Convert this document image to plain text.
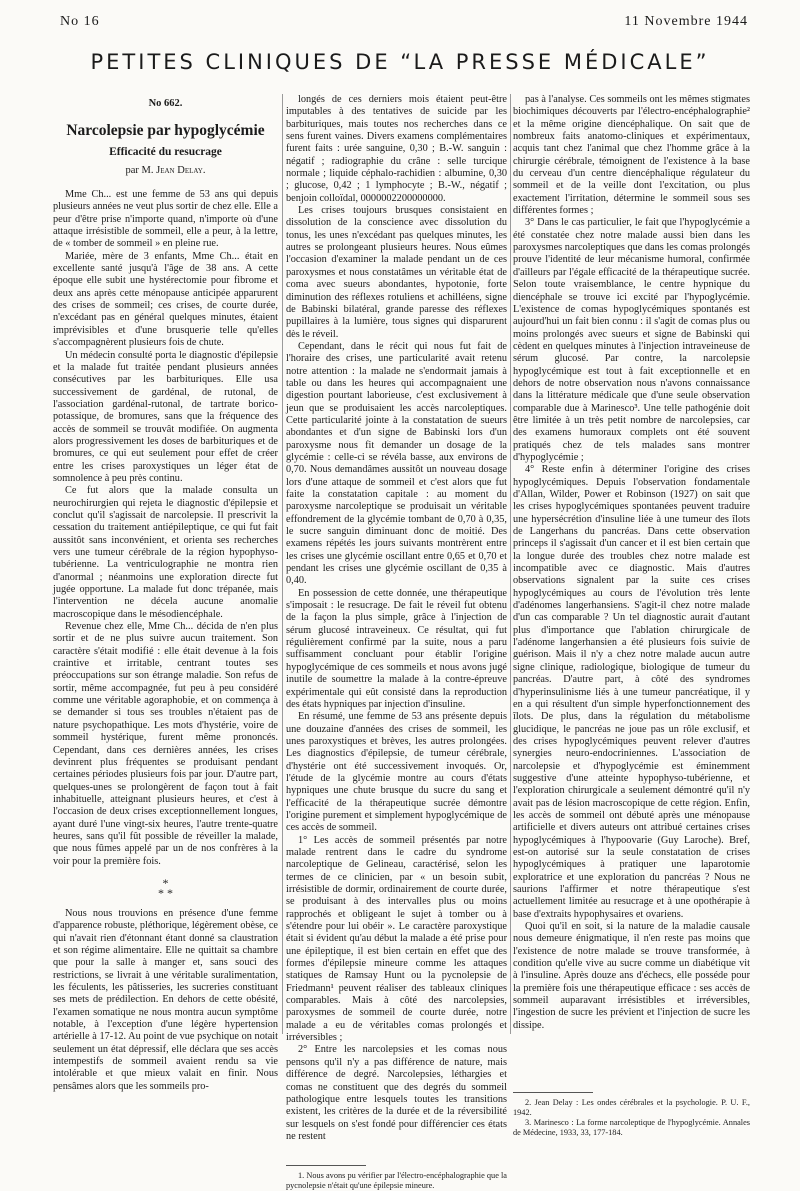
No 16	11 Novembre 1944
PETITES CLINIQUES DE “LA PRESSE MÉDICALE”
No 662.
Narcolepsie par hypoglycémie
Efficacité du resucrage
par M. Jean Delay.

Mme Ch... est une femme de 53 ans qui depuis plusieurs années ne veut plus sortir de chez elle. Elle a peur d'être prise n'importe quand, n'importe où d'une attaque irrésistible de sommeil, elle a peur, à la lettre, de « tomber de sommeil » en pleine rue.

Mariée, mère de 3 enfants, Mme Ch... était en excellente santé jusqu'à l'âge de 38 ans. A cette époque elle subit une hystérectomie pour fibrome et deux ans après cette ménopause anticipée apparurent des crises de sommeil; ces crises, de courte durée, n'excédant pas en général quelques minutes, étaient imprévisibles et d'une brusquerie telle qu'elles s'accompagnèrent plusieurs fois de chute.

Un médecin consulté porta le diagnostic d'épilepsie et la malade fut traitée pendant plusieurs années consécutives par les barbituriques. Elle usa successivement de gardénal, de rutonal, de l'association gardénal-rutonal, de tartrate borico-potassique, de bromures, sans que la fréquence des accès de sommeil se trouvât modifiée. On augmenta alors progressivement les doses de barbituriques et de bromures, ce qui eut seulement pour effet de créer entre les crises paroxystiques un léger état de somnolence à peu près continu.

Ce fut alors que la malade consulta un neurochirurgien qui rejeta le diagnostic d'épilepsie et conclut qu'il s'agissait de narcolepsie. Il prescrivit la cessation du traitement antiépileptique, ce qui fut fait aussitôt sans inconvénient, et orienta ses recherches vers une tumeur cérébrale de la région hypophyso-tubérienne. La ventriculographie ne montra rien d'anormal ; néanmoins une exploration directe fut jugée opportune. La malade fut donc trépanée, mais l'intervention ne décela aucune anomalie macroscopique dans le mésodiencéphale.

Revenue chez elle, Mme Ch... décida de n'en plus sortir et de ne plus suivre aucun traitement. Son caractère s'était modifié : elle était devenue à la fois craintive et irritable, centrant toutes ses préoccupations sur son étrange maladie. Son refus de sortir, même accompagnée, fut peu à peu considéré comme une véritable agoraphobie, et on commença à se demander si tous ses troubles n'étaient pas de nature psychopathique. Les mots d'hystérie, voire de sommeil hystérique, furent même prononcés. Cependant, dans ces dernières années, les crises devinrent plus fréquentes se produisant pendant certaines périodes plusieurs fois par jour. D'autre part, quelques-unes se prolongèrent de façon tout à fait inhabituelle, atteignant plusieurs heures, et c'est à l'occasion de deux crises exceptionnellement longues, ayant duré l'une vingt-six heures, l'autre trente-quatre heures, sans qu'il fût possible de réveiller la malade, que nous fûmes appelé par un de nos confrères à la voir pour la première fois.

*
* *

Nous nous trouvions en présence d'une femme d'apparence robuste, pléthorique, légèrement obèse, ce qui n'avait rien d'étonnant étant donné sa claustration et son régime alimentaire. Elle ne quittait sa chambre que pour la salle à manger et, sans souci des restrictions, se livrait à une véritable suralimentation, les féculents, les pâtisseries, les sucreries constituant ses mets de prédilection. En dehors de cette obésité, l'examen somatique ne nous montra aucun symptôme notable, à l'exception d'une légère hypertension artérielle à 17-12. Au point de vue psychique on notait seulement un état dépressif, elle déclara que ses accès intempestifs de sommeil avaient rendu sa vie intolérable et que mieux valait en finir. Nous pensâmes alors que les sommeils pro-

longés de ces derniers mois étaient peut-être imputables à des tentatives de suicide par les barbituriques, mais toutes nos recherches dans ce sens furent vaines. Divers examens complémentaires furent faits : urée sanguine, 0,30 ; B.-W. sanguin : négatif ; radiographie du crâne : selle turcique normale ; liquide céphalo-rachidien : albumine, 0,30 ; glucose, 0,42 ; 1 lymphocyte ; B.-W., négatif ; benjoin colloïdal, 0000002200000000.

Les crises toujours brusques consistaient en dissolution de la conscience avec dissolution du tonus, les unes n'excédant pas quelques minutes, les autres se prolongeant plusieurs heures. Nous eûmes l'occasion d'examiner la malade pendant un de ces paroxysmes et nous constatâmes un véritable état de coma avec sueurs abondantes, hypotonie, forte diminution des réflexes rotuliens et achilléens, signe de Babinski bilatéral, grande paresse des réflexes pupillaires à la lumière, tous signes qui disparurent dès le réveil.

Cependant, dans le récit qui nous fut fait de l'horaire des crises, une particularité avait retenu notre attention : la malade ne s'endormait jamais à table ou dans les heures qui accompagnaient une digestion pourtant laborieuse, c'est exclusivement à jeun que se produisaient les accès narcoleptiques. Cette particularité jointe à la constatation de sueurs abondantes et d'un signe de Babinski lors d'un paroxysme nous fit demander un dosage de la glycémie : celle-ci se révéla basse, aux environs de 0,70. Nous demandâmes aussitôt un nouveau dosage lors d'une attaque de sommeil et c'est alors que fut faite la constatation capitale : au moment du paroxysme narcoleptique se produisait un véritable effondrement de la glycémie tombant de 0,70 à 0,35, le sucre sanguin diminuant donc de moitié. Des examens répétés les jours suivants montrèrent entre les crises une glycémie oscillant entre 0,65 et 0,70 et pendant les crises une glycémie oscillant de 0,35 à 0,40.

En possession de cette donnée, une thérapeutique s'imposait : le resucrage. De fait le réveil fut obtenu de la façon la plus simple, grâce à l'injection de sérum glucosé intraveineux. Ce résultat, qui fut régulièrement confirmé par la suite, nous a paru suffisamment concluant pour établir l'origine hypoglycémique de ces sommeils et nous avons jugé inutile de soumettre la malade à la contre-épreuve expérimentale qui eût consisté dans la reproduction des états hypniques par injection d'insuline.

En résumé, une femme de 53 ans présente depuis une douzaine d'années des crises de sommeil, les unes paroxystiques et brèves, les autres prolongées. Les diagnostics d'épilepsie, de tumeur cérébrale, d'hystérie ont été successivement invoqués. Or, l'étude de la glycémie montre au cours d'états hypniques une chute brusque du sucre du sang et l'efficacité de la thérapeutique sucrée démontre l'origine purement et simplement hypoglycémique de ces accès de sommeil.

1° Les accès de sommeil présentés par notre malade rentrent dans le cadre du syndrome narcoleptique de Gelineau, caractérisé, selon les termes de ce clinicien, par « un besoin subit, irrésistible de dormir, ordinairement de courte durée, se produisant à des intervalles plus ou moins rapprochés et obligeant le sujet à tomber ou à s'étendre pour lui obéir ». Le caractère paroxystique était si évident qu'au début la malade a été prise pour une épileptique, il est bien certain en effet que des formes d'épilepsie mineure comme les attaques statiques de Ramsay Hunt ou la pycnolepsie de Friedmann¹ peuvent réaliser des tableaux cliniques comparables. Mais à côté des narcolepsies, paroxysmes de sommeil de courte durée, notre malade a eu de véritables comas prolongés et irréversibles ;

2° Entre les narcolepsies et les comas nous pensons qu'il n'y a pas différence de nature, mais différence de degré. Narcolepsies, léthargies et comas ne constituent que des degrés du sommeil pathologique entre lesquels toutes les transitions existent, les critères de la durée et de la réversibilité sur lesquels on s'est fondé pour différencier ces états ne restent

1. Nous avons pu vérifier par l'électro-encéphalographie que la pycnolepsie n'était qu'une épilepsie mineure.

pas à l'analyse. Ces sommeils ont les mêmes stigmates biochimiques découverts par l'électro-encéphalographie² et la même origine diencéphalique. On sait que de nombreux faits anatomo-cliniques et expérimentaux, acquis tant chez l'animal que chez l'homme grâce à la chirurgie cérébrale, témoignent de l'existence à la base du cerveau d'un centre diencéphalique régulateur du sommeil et de la veille dont l'excitation, ou plus exactement l'irritation, détermine le sommeil sous ses différentes formes ;

3° Dans le cas particulier, le fait que l'hypoglycémie a été constatée chez notre malade aussi bien dans les paroxysmes narcoleptiques que dans les comas prolongés prouve l'identité de leur mécanisme humoral, confirmée d'ailleurs par l'égale efficacité de la thérapeutique sucrée. Selon toute vraisemblance, le centre hypnique du diencéphale se trouve ici excité par l'hypoglycémie. L'existence de comas hypoglycémiques spontanés est aujourd'hui un fait bien connu : il s'agit de comas plus ou moins prolongés avec sueurs et signe de Babinski qui cèdent en quelques minutes à l'injection intraveineuse de sérum glucosé. Par contre, la narcolepsie hypoglycémique est tout à fait exceptionnelle et en dehors de notre observation nous n'avons connaissance dans la littérature médicale que d'une seule observation comparable due à Marinesco³. Une telle pathogénie doit être limitée à un très petit nombre de narcolepsies, car des examens humoraux complets ont été souvent pratiqués chez de tels malades sans montrer d'hypoglycémie ;

4° Reste enfin à déterminer l'origine des crises hypoglycémiques. Depuis l'observation fondamentale d'Allan, Wilder, Power et Robinson (1927) on sait que les crises hypoglycémiques spontanées peuvent traduire une hypersécrétion d'insuline liée à une tumeur des îlots de Langerhans du pancréas. Dans cette observation princeps il s'agissait d'un cancer et il est bien certain que la longue durée des troubles chez notre malade est incompatible avec ce diagnostic. Mais d'autres observations signalent par la suite ces crises hypoglycémiques au cours de l'évolution très lente d'adénomes langerhansiens. S'agit-il chez notre malade d'un cas comparable ? Un tel diagnostic aurait d'autant plus d'importance que l'ablation chirurgicale de l'adénome langerhansien a été plusieurs fois suivie de guérison. Mais il n'y a chez notre malade aucun autre signe clinique, radiologique, biologique de tumeur du pancréas. D'autre part, à côté des syndromes d'hyperinsulinisme liés à une tumeur pancréatique, il y en a qui résultent d'un simple hyperfonctionnement des îlots. De plus, dans la régulation du métabolisme glucidique, le pancréas ne joue pas un rôle exclusif, et des crises hypoglycémiques peuvent relever d'autres synergies neuro-endocriniennes. L'association de narcolepsie et d'hypoglycémie est éminemment suggestive d'une atteinte hypophyso-tubérienne, et l'exploration chirurgicale a seulement démontré qu'il n'y avait pas de lésion macroscopique de cette région. Enfin, les accès de sommeil ont débuté après une ménopause artificielle et divers auteurs ont attribué certaines crises hypoglycémiques à l'hypoovarie (Guy Laroche). Bref, est-on autorisé sur la seule constatation de crises hypoglycémiques à pratiquer une laparotomie exploratrice et une exploration du pancréas ? Nous ne saurions l'affirmer et notre thérapeutique s'est actuellement limitée au resucrage et à une opothérapie à base d'extraits hypophysaires et ovariens.

Quoi qu'il en soit, si la nature de la maladie causale nous demeure énigmatique, il n'en reste pas moins que l'existence de notre malade se trouve transformée, à condition qu'elle vive au sucre comme un diabétique vit à l'insuline. Après douze ans d'échecs, elle posséde pour la première fois une thérapeutique efficace : ses accès de sommeil auparavant irrésistibles et irréversibles, l'ingestion de sucre les prévient et l'injection de sucre les dissipe.

2. Jean Delay : Les ondes cérébrales et la psychologie. P. U. F., 1942.

3. Marinesco : La forme narcoleptique de l'hypoglycémie. Annales de Médecine, 1933, 33, 177-184.
